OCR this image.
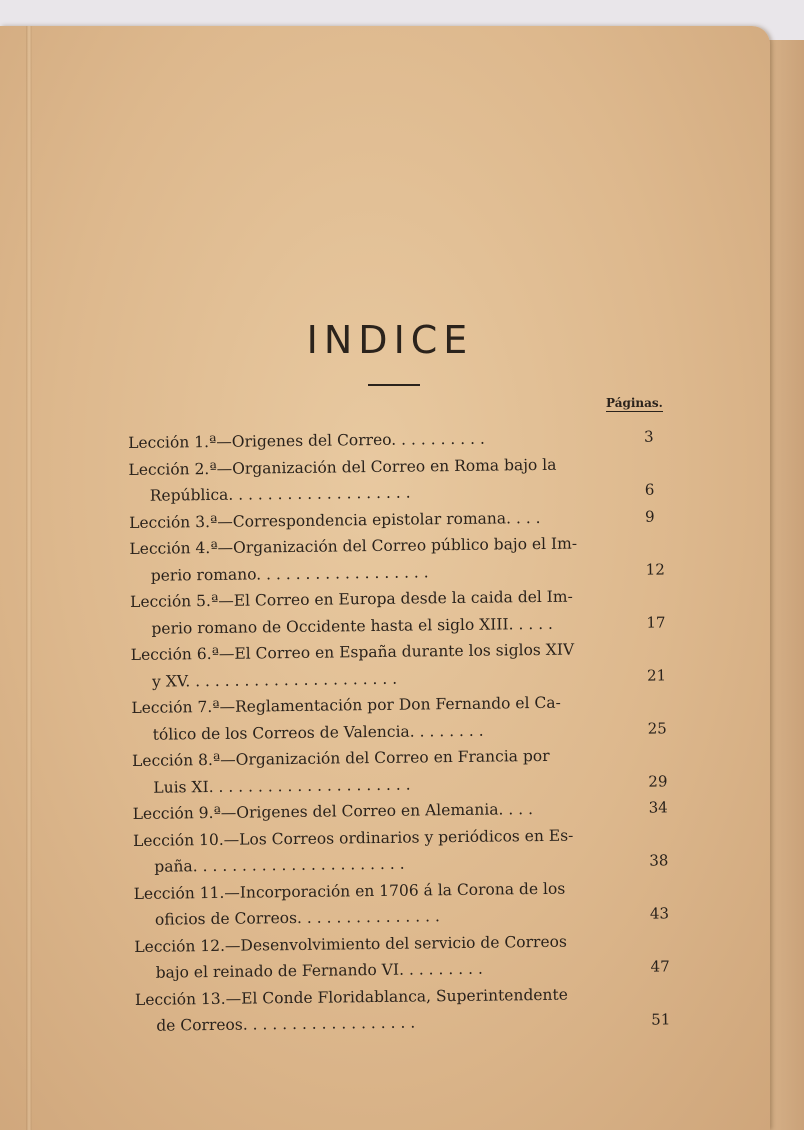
INDICE
Páginas.
Lección 1.ª—Origenes del Correo. . . . . . . . . .	3
Lección 2.ª—Organización del Correo en Roma bajo la
República. . . . . . . . . . . . . . . . . . .	6
Lección 3.ª—Correspondencia epistolar romana. . . .	9
Lección 4.ª—Organización del Correo público bajo el Im-
perio romano. . . . . . . . . . . . . . . . . .	12
Lección 5.ª—El Correo en Europa desde la caida del Im-
perio romano de Occidente hasta el siglo XIII. . . . .	17
Lección 6.ª—El Correo en España durante los siglos XIV
y XV. . . . . . . . . . . . . . . . . . . . . .	21
Lección 7.ª—Reglamentación por Don Fernando el Ca-
tólico de los Correos de Valencia. . . . . . . .	25
Lección 8.ª—Organización del Correo en Francia por
Luis XI. . . . . . . . . . . . . . . . . . . . .	29
Lección 9.ª—Origenes del Correo en Alemania. . . .	34
Lección 10.—Los Correos ordinarios y periódicos en Es-
paña. . . . . . . . . . . . . . . . . . . . . .	38
Lección 11.—Incorporación en 1706 á la Corona de los
oficios de Correos. . . . . . . . . . . . . . .	43
Lección 12.—Desenvolvimiento del servicio de Correos
bajo el reinado de Fernando VI. . . . . . . . .	47
Lección 13.—El Conde Floridablanca, Superintendente
de Correos. . . . . . . . . . . . . . . . . .	51
